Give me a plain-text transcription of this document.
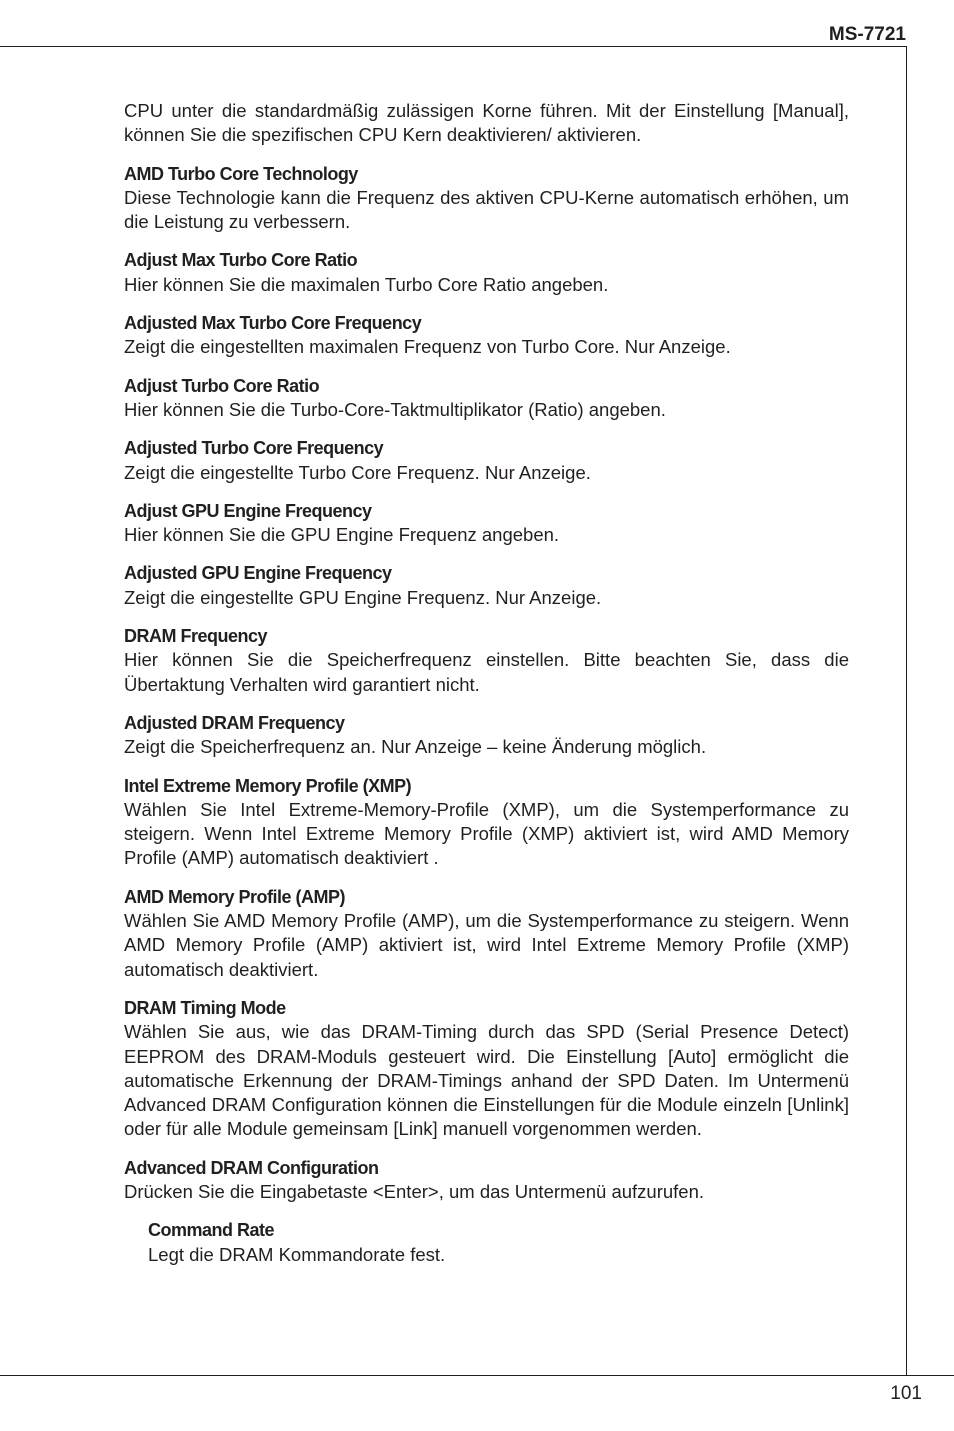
MS-7721

CPU unter die standardmäßig zulässigen Korne führen. Mit der Einstellung [Manual], können Sie die spezifischen CPU Kern deaktivieren/ aktivieren.

AMD Turbo Core Technology

Diese Technologie kann die Frequenz des aktiven CPU-Kerne automatisch erhöhen, um die Leistung zu verbessern.

Adjust Max Turbo Core Ratio

Hier können Sie die maximalen Turbo Core Ratio angeben.

Adjusted Max Turbo Core Frequency

Zeigt die eingestellten maximalen Frequenz von Turbo Core. Nur Anzeige.

Adjust Turbo Core Ratio

Hier können Sie die Turbo-Core-Taktmultiplikator (Ratio) angeben.

Adjusted Turbo Core Frequency

Zeigt die eingestellte Turbo Core Frequenz. Nur Anzeige.

Adjust GPU Engine Frequency

Hier können Sie die GPU Engine Frequenz angeben.

Adjusted GPU Engine Frequency

Zeigt die eingestellte GPU Engine Frequenz. Nur Anzeige.

DRAM Frequency

Hier können Sie die Speicherfrequenz einstellen. Bitte beachten Sie, dass die Übertaktung Verhalten wird garantiert nicht.

Adjusted DRAM Frequency

Zeigt die Speicherfrequenz an. Nur Anzeige – keine Änderung möglich.

Intel Extreme Memory Profile (XMP)

Wählen Sie Intel Extreme-Memory-Profile (XMP), um die Systemperformance zu steigern. Wenn Intel Extreme Memory Profile (XMP) aktiviert ist, wird AMD Memory Profile (AMP) automatisch deaktiviert .

AMD Memory Profile (AMP)

Wählen Sie AMD Memory Profile (AMP), um die Systemperformance zu steigern. Wenn AMD Memory Profile (AMP) aktiviert ist, wird Intel Extreme Memory Profile (XMP) automatisch deaktiviert.

DRAM Timing Mode

Wählen Sie aus, wie das DRAM-Timing durch das SPD (Serial Presence Detect) EEPROM des DRAM-Moduls gesteuert wird. Die Einstellung [Auto] ermöglicht die automatische Erkennung der DRAM-Timings anhand der SPD Daten. Im Untermenü Advanced DRAM Configuration können die Einstellungen für die Module einzeln [Unlink] oder für alle Module gemeinsam [Link] manuell vorgenommen werden.

Advanced DRAM Configuration

Drücken Sie die Eingabetaste <Enter>, um das Untermenü aufzurufen.

Command Rate

Legt die DRAM Kommandorate fest.

101
